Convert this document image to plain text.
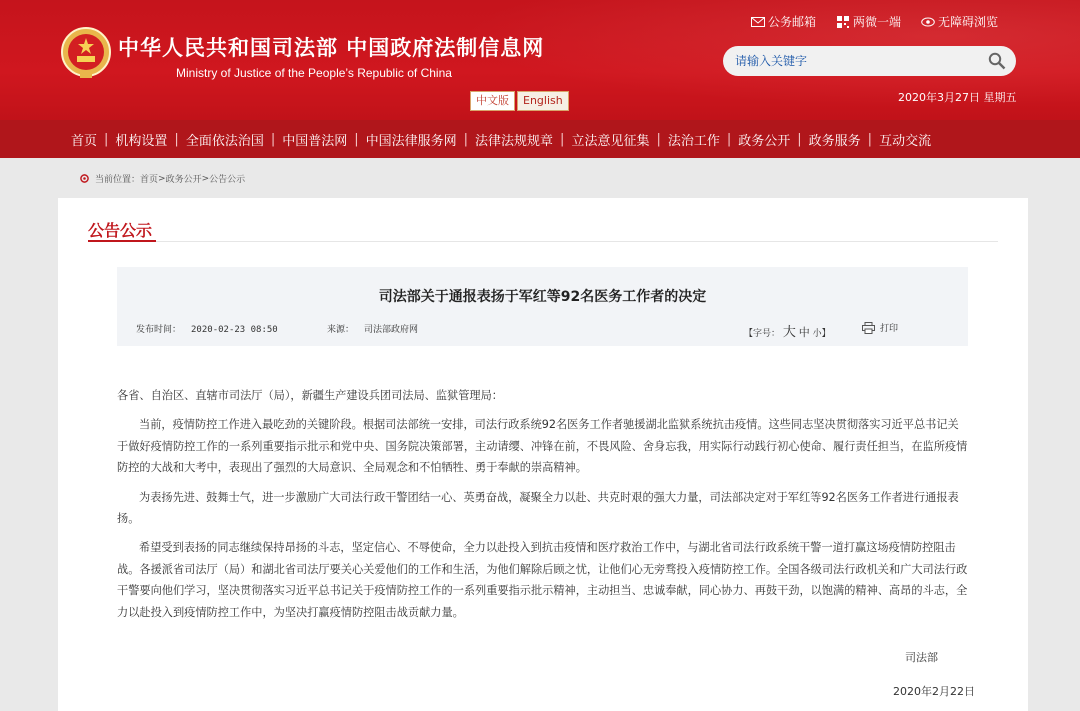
中华人民共和国司法部 中国政府法制信息网
Ministry of Justice of the People’s Republic of China
中文版	English
公务邮箱	两微一端	无障碍浏览
请输入关键字
2020年3月27日 星期五
首页 | 机构设置 | 全面依法治国 | 中国普法网 | 中国法律服务网 | 法律法规规章 | 立法意见征集 | 法治工作 | 政务公开 | 政务服务 | 互动交流
当前位置： 首页 > 政务公开 > 公告公示
公告公示
司法部关于通报表扬于军红等92名医务工作者的决定
发布时间： 2020-02-23 08:50	来源： 司法部政府网	【字号： 大 中 小】	打印

各省、自治区、直辖市司法厅（局），新疆生产建设兵团司法局、监狱管理局：

当前，疫情防控工作进入最吃劲的关键阶段。根据司法部统一安排，司法行政系统92名医务工作者驰援湖北监狱系统抗击疫情。这些同志坚决贯彻落实习近平总书记关于做好疫情防控工作的一系列重要指示批示和党中央、国务院决策部署，主动请缨、冲锋在前，不畏风险、舍身忘我，用实际行动践行初心使命、履行责任担当，在监所疫情防控的大战和大考中，表现出了强烈的大局意识、全局观念和不怕牺牲、勇于奉献的崇高精神。

为表扬先进、鼓舞士气，进一步激励广大司法行政干警团结一心、英勇奋战，凝聚全力以赴、共克时艰的强大力量，司法部决定对于军红等92名医务工作者进行通报表扬。

希望受到表扬的同志继续保持昂扬的斗志，坚定信心、不辱使命，全力以赴投入到抗击疫情和医疗救治工作中，与湖北省司法行政系统干警一道打赢这场疫情防控阻击战。各援派省司法厅（局）和湖北省司法厅要关心关爱他们的工作和生活，为他们解除后顾之忧，让他们心无旁骛投入疫情防控工作。全国各级司法行政机关和广大司法行政干警要向他们学习，坚决贯彻落实习近平总书记关于疫情防控工作的一系列重要指示批示精神，主动担当、忠诚奉献，同心协力、再鼓干劲，以饱满的精神、高昂的斗志，全力以赴投入到疫情防控工作中，为坚决打赢疫情防控阻击战贡献力量。

司法部
2020年2月22日
